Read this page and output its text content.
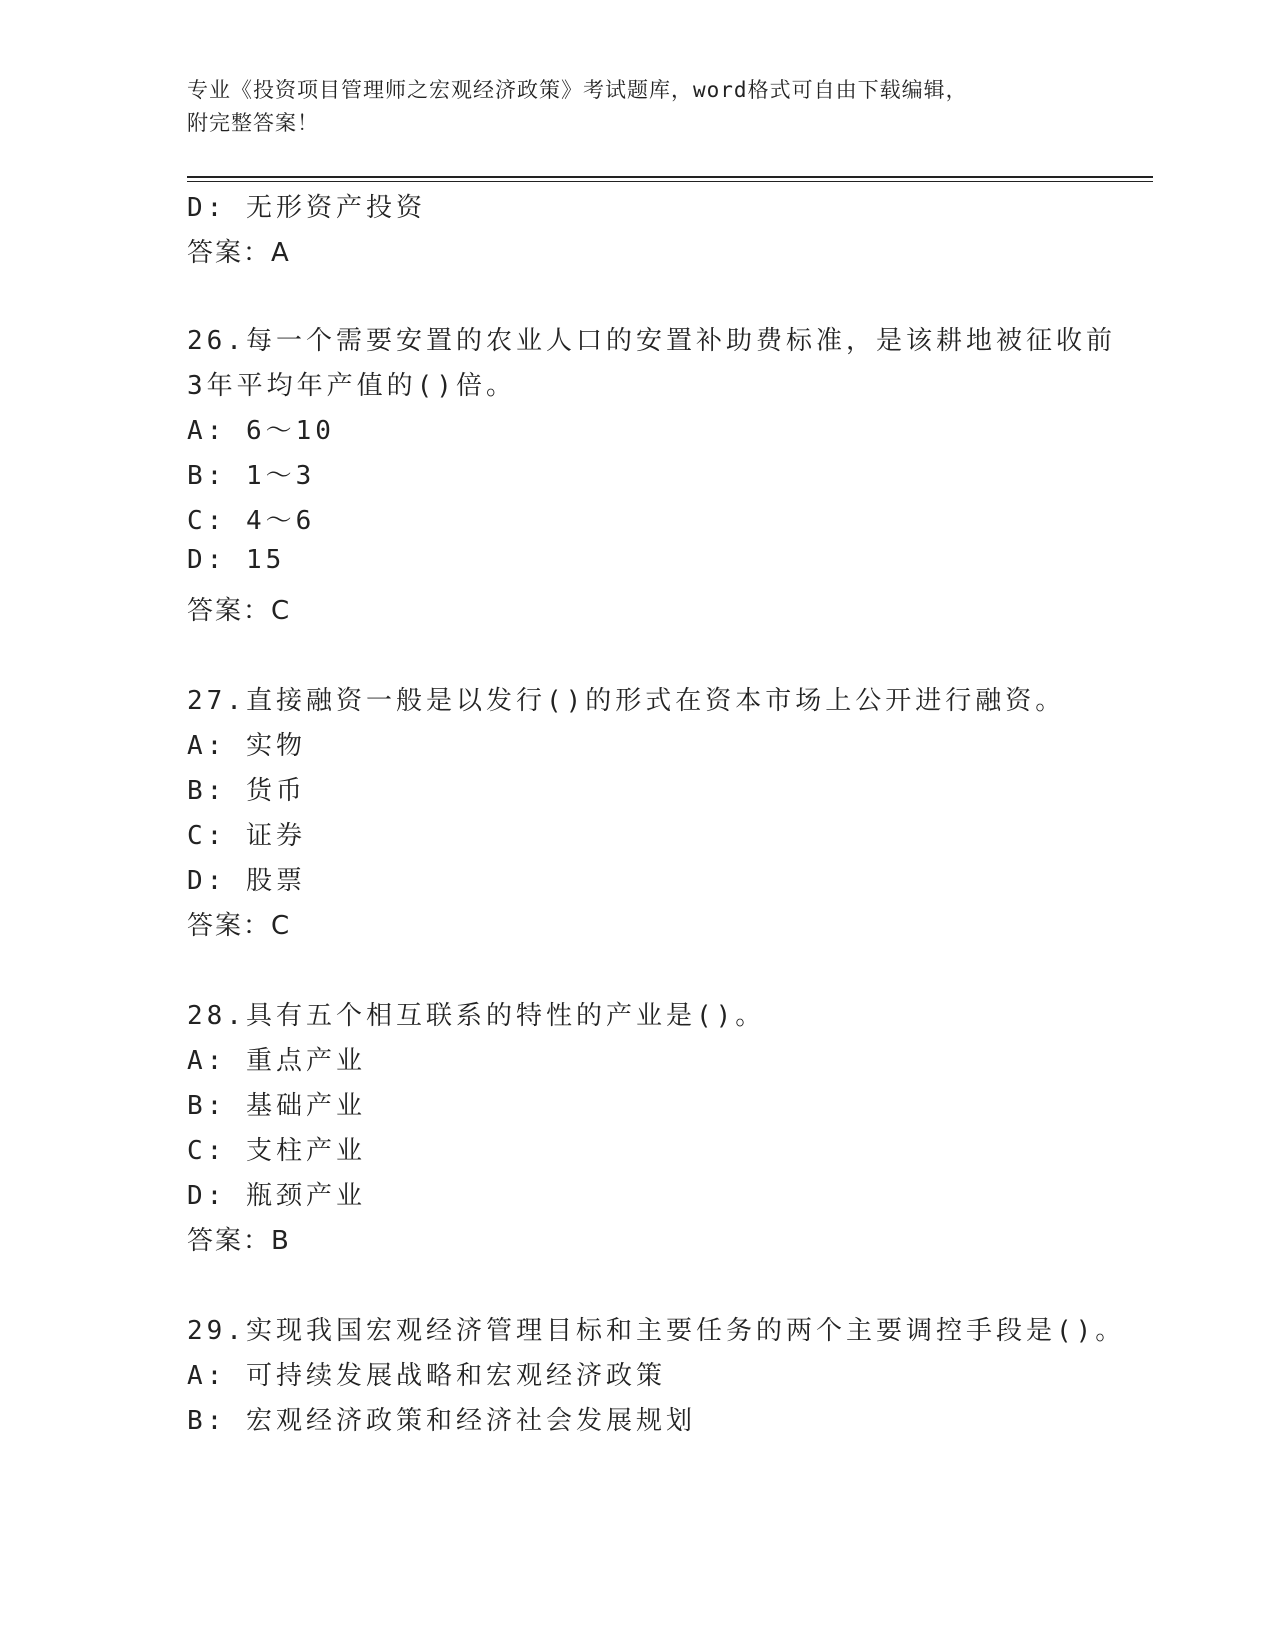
专业《投资项目管理师之宏观经济政策》考试题库，word格式可自由下载编辑，
附完整答案！
D: 无形资产投资
答案：A
26.每一个需要安置的农业人口的安置补助费标准，是该耕地被征收前
3年平均年产值的()倍。
A: 6～10
B: 1～3
C: 4～6
D: 15
答案：C
27.直接融资一般是以发行()的形式在资本市场上公开进行融资。
A: 实物
B: 货币
C: 证券
D: 股票
答案：C
28.具有五个相互联系的特性的产业是()。
A: 重点产业
B: 基础产业
C: 支柱产业
D: 瓶颈产业
答案：B
29.实现我国宏观经济管理目标和主要任务的两个主要调控手段是()。
A: 可持续发展战略和宏观经济政策
B: 宏观经济政策和经济社会发展规划
